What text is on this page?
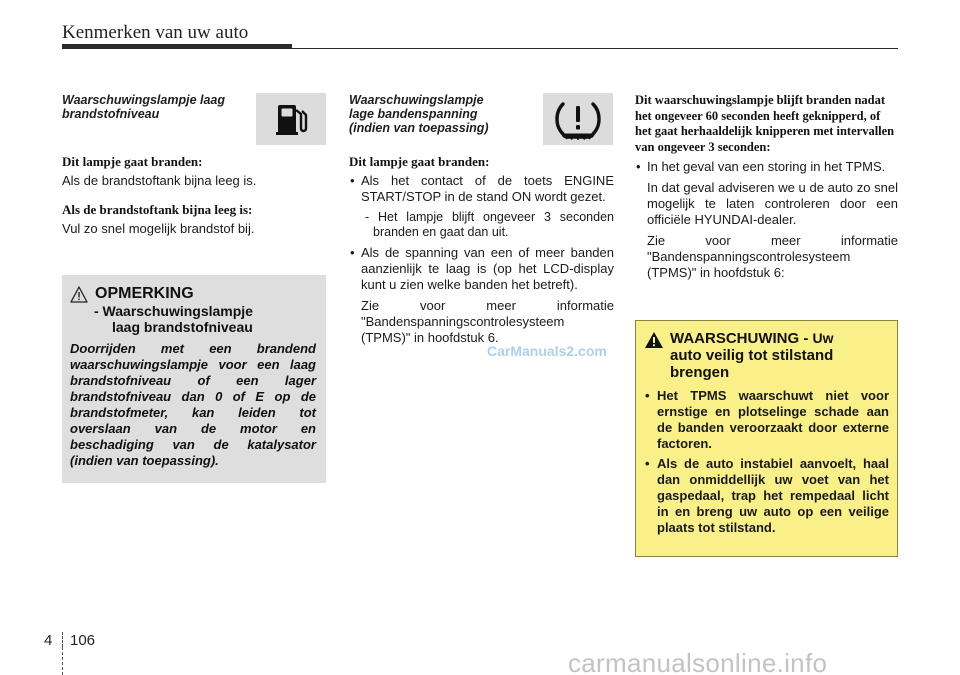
Kenmerken van uw auto
Waarschuwingslampje laag
brandstofniveau
Dit lampje gaat branden:
Als de brandstoftank bijna leeg is.
Als de brandstoftank bijna leeg is:
Vul zo snel mogelijk brandstof bij.
OPMERKING
- Waarschuwingslampje
laag brandstofniveau
Doorrijden met een brandend waarschuwingslampje voor een laag brandstofniveau of een lager brandstofniveau dan 0 of E op de brandstofmeter, kan leiden tot overslaan van de motor en beschadiging van de katalysator (indien van toepassing).
Waarschuwingslampje
lage bandenspanning
(indien van toepassing)
Dit lampje gaat branden:
• Als het contact of de toets ENGINE START/STOP in de stand ON wordt gezet.
- Het lampje blijft ongeveer 3 seconden branden en gaat dan uit.
• Als de spanning van een of meer banden aanzienlijk te laag is (op het LCD-display kunt u zien welke banden het betreft).
Zie voor meer informatie "Bandenspanningscontrolesysteem (TPMS)" in hoofdstuk 6.
CarManuals2.com
Dit waarschuwingslampje blijft branden nadat het ongeveer 60 seconden heeft geknipperd, of het gaat herhaaldelijk knipperen met intervallen van ongeveer 3 seconden:
• In het geval van een storing in het TPMS.
In dat geval adviseren we u de auto zo snel mogelijk te laten controleren door een officiële HYUNDAI-dealer.
Zie voor meer informatie "Bandenspanningscontrolesysteem (TPMS)" in hoofdstuk 6:
WAARSCHUWING - Uw
auto veilig tot stilstand
brengen
• Het TPMS waarschuwt niet voor ernstige en plotselinge schade aan de banden veroorzaakt door externe factoren.
• Als de auto instabiel aanvoelt, haal dan onmiddellijk uw voet van het gaspedaal, trap het rempedaal licht in en breng uw auto op een veilige plaats tot stilstand.
4 106
carmanualsonline.info
